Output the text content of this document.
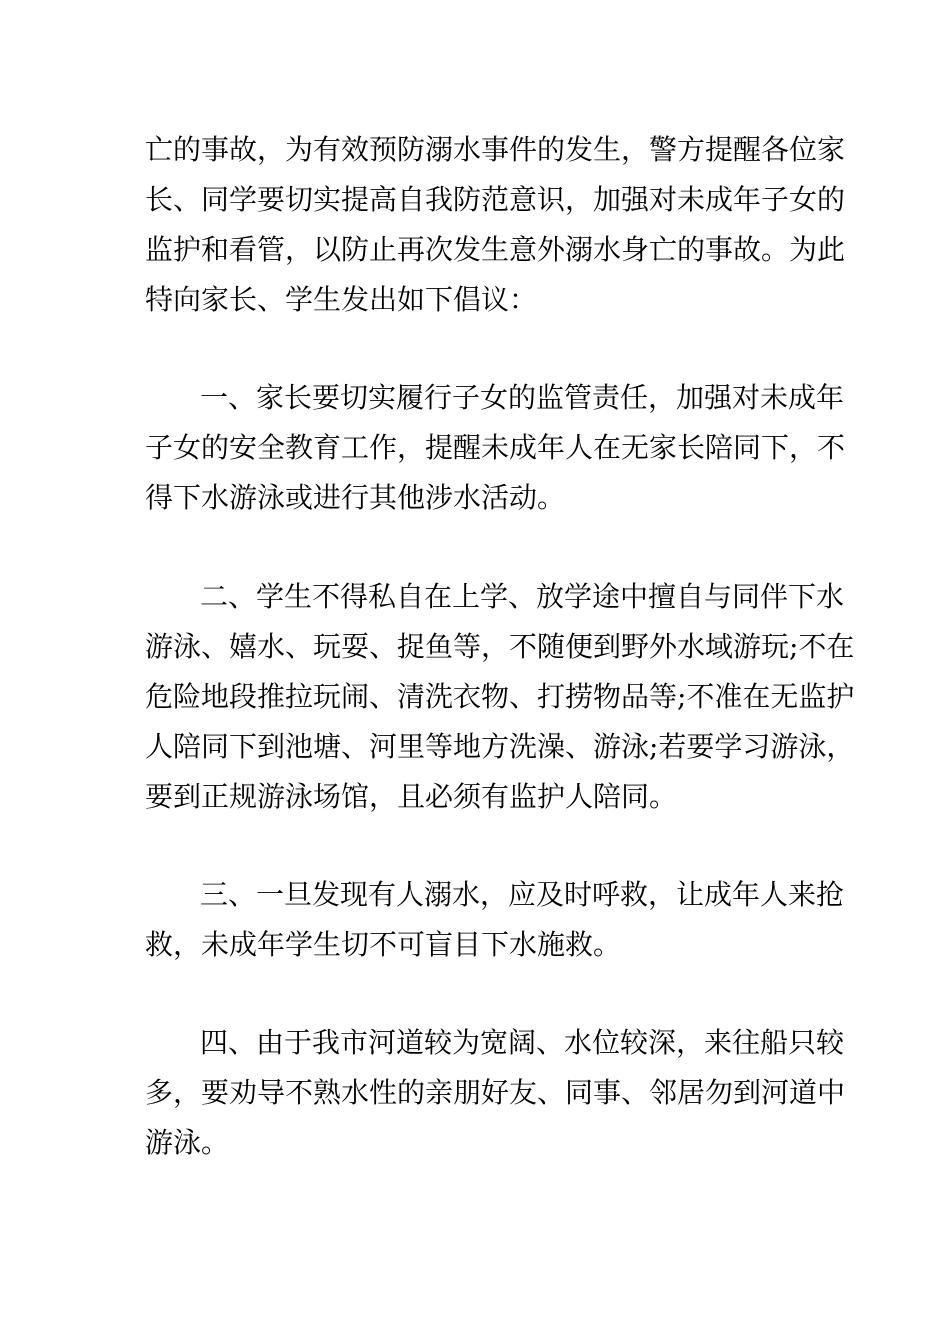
亡的事故，为有效预防溺水事件的发生，警方提醒各位家

长、同学要切实提高自我防范意识，加强对未成年子女的

监护和看管，以防止再次发生意外溺水身亡的事故。为此

特向家长、学生发出如下倡议：

一、家长要切实履行子女的监管责任，加强对未成年

子女的安全教育工作，提醒未成年人在无家长陪同下，不

得下水游泳或进行其他涉水活动。

二、学生不得私自在上学、放学途中擅自与同伴下水

游泳、嬉水、玩耍、捉鱼等，不随便到野外水域游玩;不在

危险地段推拉玩闹、清洗衣物、打捞物品等;不准在无监护

人陪同下到池塘、河里等地方洗澡、游泳;若要学习游泳，

要到正规游泳场馆，且必须有监护人陪同。

三、一旦发现有人溺水，应及时呼救，让成年人来抢

救，未成年学生切不可盲目下水施救。

四、由于我市河道较为宽阔、水位较深，来往船只较

多，要劝导不熟水性的亲朋好友、同事、邻居勿到河道中

游泳。
